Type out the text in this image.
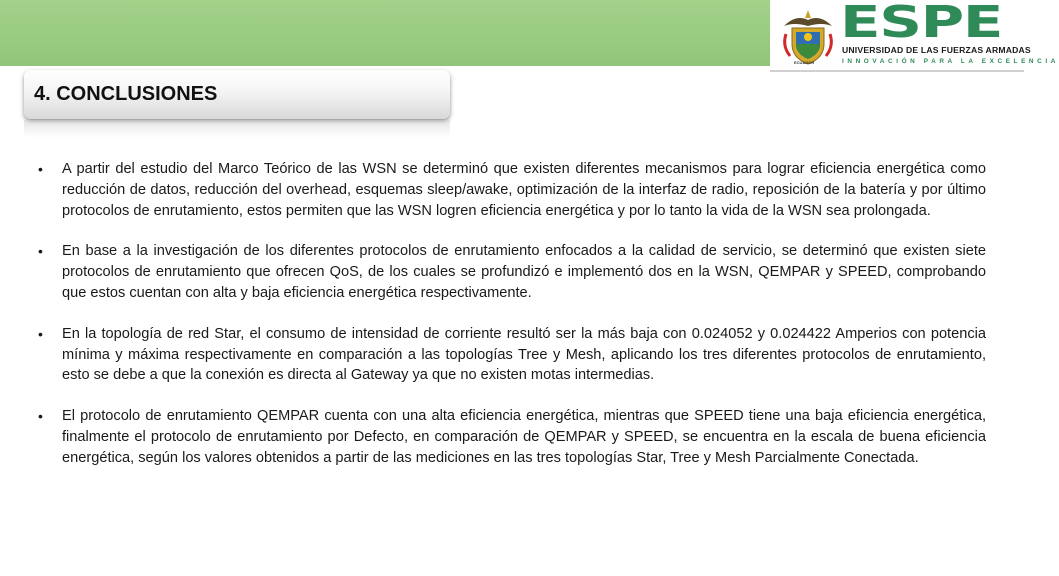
ECUADOR
ESPE
UNIVERSIDAD DE LAS FUERZAS ARMADAS
INNOVACIÓN PARA LA EXCELENCIA
4. CONCLUSIONES
• A partir del estudio del Marco Teórico de las WSN se determinó que existen diferentes mecanismos para lograr eficiencia energética como reducción de datos, reducción del overhead, esquemas sleep/awake, optimización de la interfaz de radio, reposición de la batería y por último protocolos de enrutamiento, estos permiten que las WSN logren eficiencia energética y por lo tanto la vida de la WSN sea prolongada.
• En base a la investigación de los diferentes protocolos de enrutamiento enfocados a la calidad de servicio, se determinó que existen siete protocolos de enrutamiento que ofrecen QoS, de los cuales se profundizó e implementó dos en la WSN, QEMPAR y SPEED, comprobando que estos cuentan con alta y baja eficiencia energética respectivamente.
• En la topología de red Star, el consumo de intensidad de corriente resultó ser la más baja con 0.024052 y 0.024422 Amperios con potencia mínima y máxima respectivamente en comparación a las topologías Tree y Mesh, aplicando los tres diferentes protocolos de enrutamiento, esto se debe a que la conexión es directa al Gateway ya que no existen motas intermedias.
• El protocolo de enrutamiento QEMPAR cuenta con una alta eficiencia energética, mientras que SPEED tiene una baja eficiencia energética, finalmente el protocolo de enrutamiento por Defecto, en comparación de QEMPAR y SPEED, se encuentra en la escala de buena eficiencia energética, según los valores obtenidos a partir de las mediciones en las tres topologías Star, Tree y Mesh Parcialmente Conectada.
